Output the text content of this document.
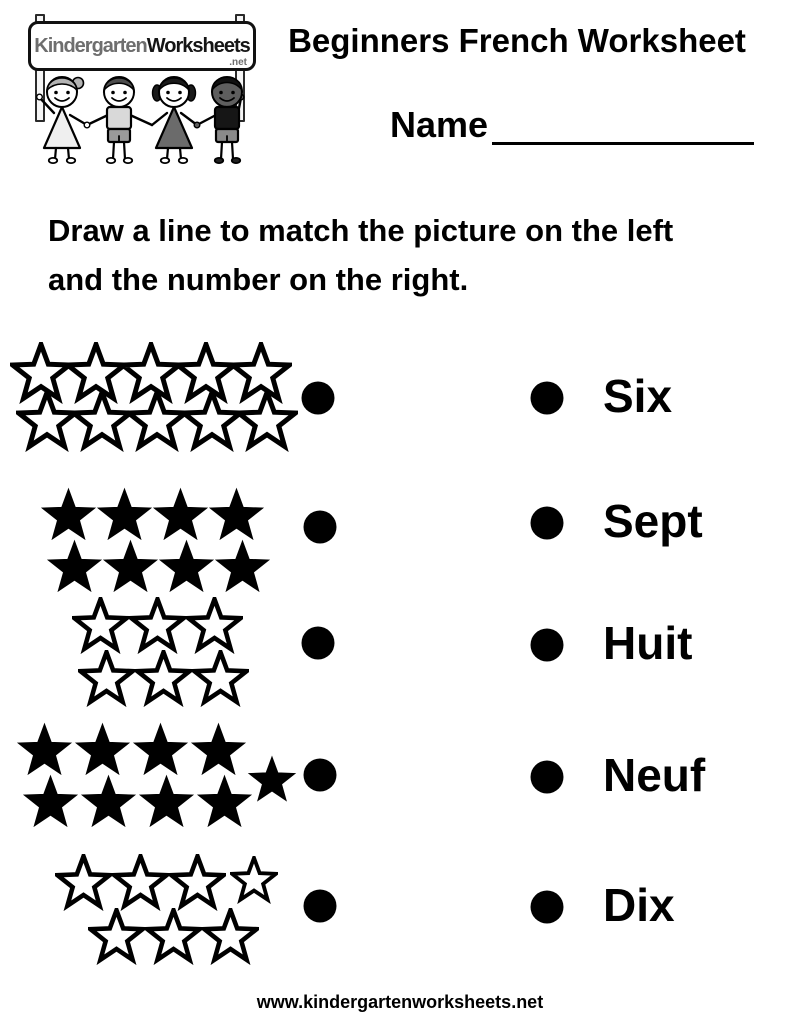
KindergartenWorksheets
.net
Beginners French Worksheet
Name
Draw a line to match the picture on the left
and the number on the right.
Six
Sept
Huit
Neuf
Dix
www.kindergartenworksheets.net
